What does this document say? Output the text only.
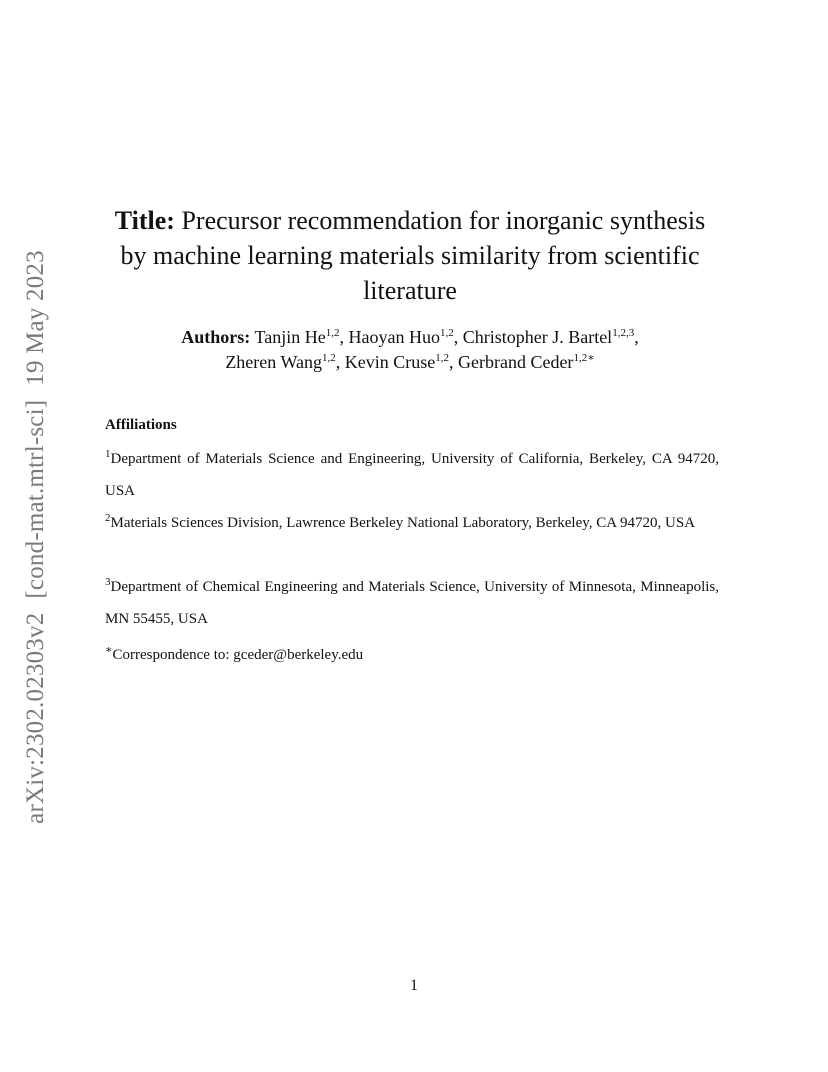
arXiv:2302.02303v2[cond-mat.mtrl-sci]19 May 2023
Title: Precursor recommendation for inorganic synthesis by machine learning materials similarity from scientific literature
Authors: Tanjin He$^{1,2}$, Haoyan Huo$^{1,2}$, Christopher J. Bartel$^{1,2,3}$,
Zheren Wang$^{1,2}$, Kevin Cruse$^{1,2}$, Gerbrand Ceder$^{1,2∗}$
Affiliations
$^1$Department of Materials Science and Engineering, University of California, Berkeley, CA 94720, USA
$^2$Materials Sciences Division, Lawrence Berkeley National Laboratory, Berkeley, CA 94720, USA
$^3$Department of Chemical Engineering and Materials Science, University of Minnesota, Minneapolis, MN 55455, USA
∗Correspondence to: gceder@berkeley.edu
1
